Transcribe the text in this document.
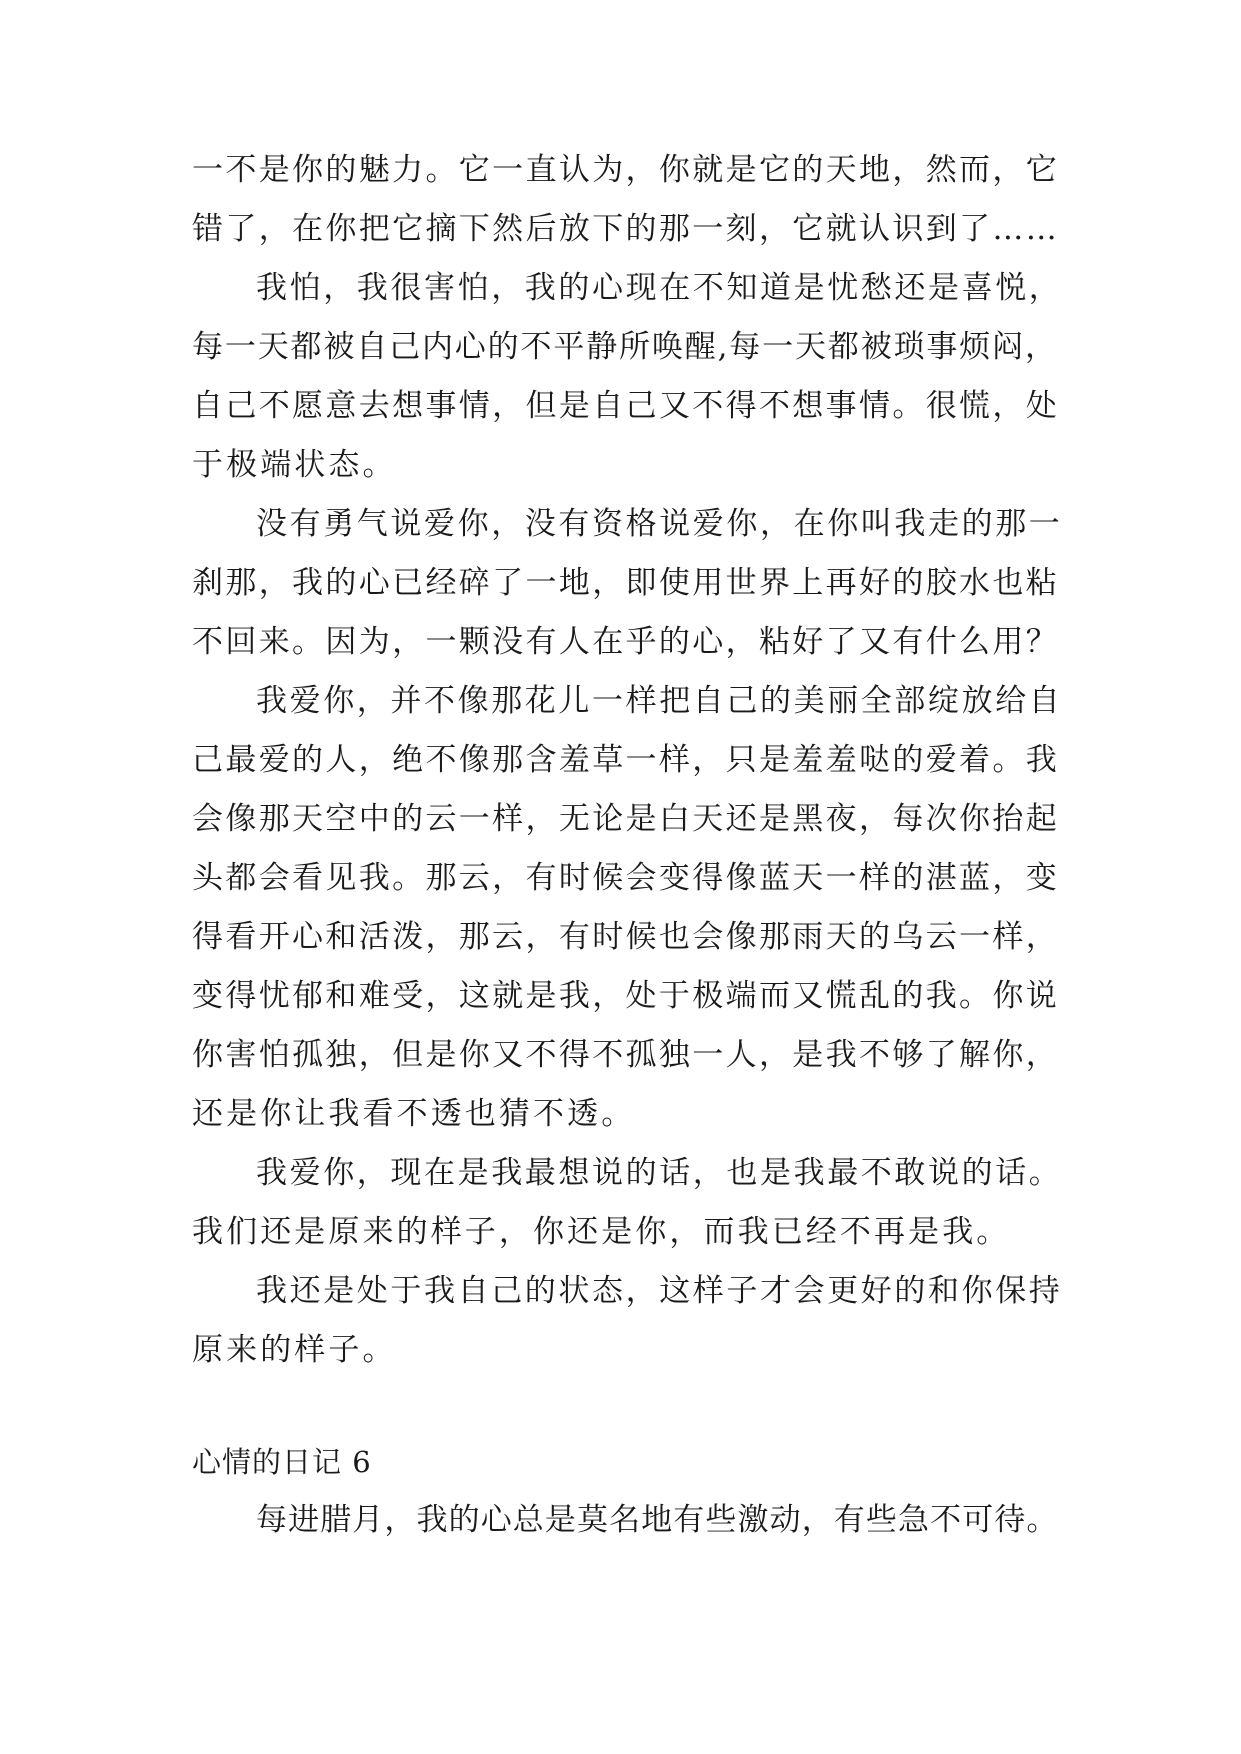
一不是你的魅力。它一直认为，你就是它的天地，然而，它
错了，在你把它摘下然后放下的那一刻，它就认识到了……
我怕，我很害怕，我的心现在不知道是忧愁还是喜悦，
每一天都被自己内心的不平静所唤醒,每一天都被琐事烦闷，
自己不愿意去想事情，但是自己又不得不想事情。很慌，处
于极端状态。
没有勇气说爱你，没有资格说爱你，在你叫我走的那一
刹那，我的心已经碎了一地，即使用世界上再好的胶水也粘
不回来。因为，一颗没有人在乎的心，粘好了又有什么用？
我爱你，并不像那花儿一样把自己的美丽全部绽放给自
己最爱的人，绝不像那含羞草一样，只是羞羞哒的爱着。我
会像那天空中的云一样，无论是白天还是黑夜，每次你抬起
头都会看见我。那云，有时候会变得像蓝天一样的湛蓝，变
得看开心和活泼，那云，有时候也会像那雨天的乌云一样，
变得忧郁和难受，这就是我，处于极端而又慌乱的我。你说
你害怕孤独，但是你又不得不孤独一人，是我不够了解你，
还是你让我看不透也猜不透。
我爱你，现在是我最想说的话，也是我最不敢说的话。
我们还是原来的样子，你还是你，而我已经不再是我。
我还是处于我自己的状态，这样子才会更好的和你保持
原来的样子。
心情的日记 6
每进腊月，我的心总是莫名地有些激动，有些急不可待。
